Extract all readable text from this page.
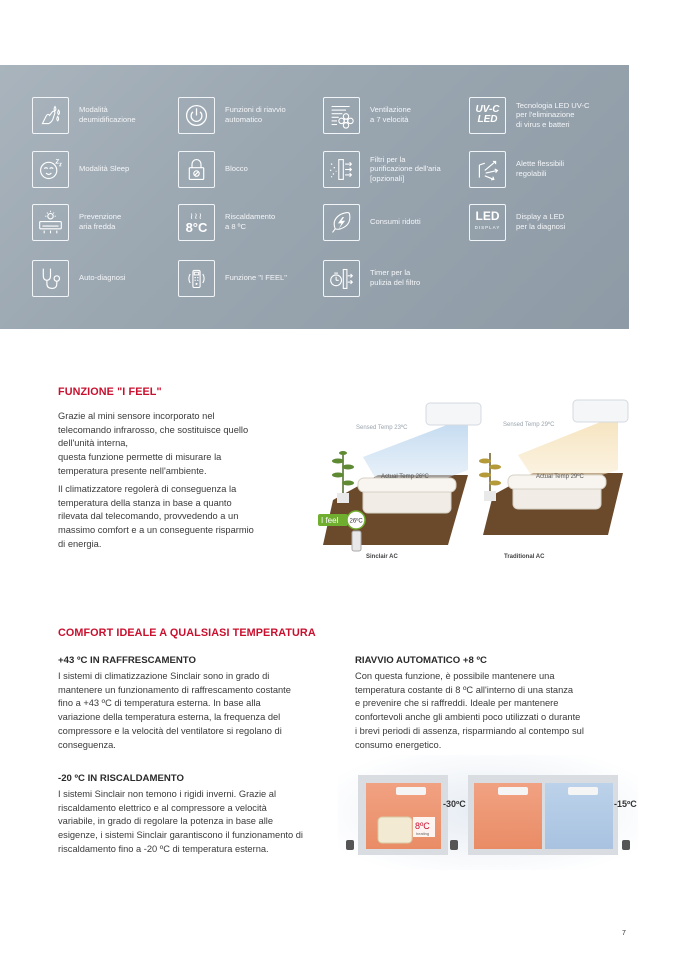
Modalità
deumidificazione
Funzioni di riavvio
automatico
Ventilazione
a 7 velocità
UV-C
LED
Tecnologia LED UV-C
per l'eliminazione
di virus e batteri
Modalità Sleep	Blocco
Filtri per la
purificazione dell'aria
[opzionali]
Alette flessibili
regolabili
Prevenzione
aria fredda
≀≀≀
8°C
Riscaldamento
a 8 ºC
Consumi ridotti	LED
DISPLAY
Display a LED
per la diagnosi
Auto-diagnosi	Funzione "I FEEL"
Timer per la
pulizia del filtro
FUNZIONE "I FEEL"
Grazie al mini sensore incorporato nel
telecomando infrarosso, che sostituisce quello
dell'unità interna,
questa funzione permette di misurare la
temperatura presente nell'ambiente.
Il climatizzatore regolerà di conseguenza la
temperatura della stanza in base a quanto
rilevata dal telecomando, provvedendo a un
massimo comfort e a un conseguente risparmio
di energia.
Sensed Temp 23ºC
Actual Temp 26ºC
I feel 26ºC
Sinclair AC
Sensed Temp 29ºC
Actual Temp 29ºC
Traditional AC
COMFORT IDEALE A QUALSIASI TEMPERATURA
+43 ºC IN RAFFRESCAMENTO
I sistemi di climatizzazione Sinclair sono in grado di
mantenere un funzionamento di raffrescamento costante
fino a +43 ºC di temperatura esterna. In base alla
variazione della temperatura esterna, la frequenza del
compressore e la velocità del ventilatore si regolano di
conseguenza.
-20 ºC IN RISCALDAMENTO
I sistemi Sinclair non temono i rigidi inverni. Grazie al
riscaldamento elettrico e al compressore a velocità
variabile, in grado di regolare la potenza in base alle
esigenze, i sistemi Sinclair garantiscono il funzionamento di
riscaldamento fino a -20 ºC di temperatura esterna.
RIAVVIO AUTOMATICO +8 ºC
Con questa funzione, è possibile mantenere una
temperatura costante di 8 ºC all'interno di una stanza
e prevenire che si raffreddi. Ideale per mantenere
confortevoli anche gli ambienti poco utilizzati o durante
i brevi periodi di assenza, risparmiando al contempo sul
consumo energetico.
8ºC
heating
-30ºC	-15ºC
7
